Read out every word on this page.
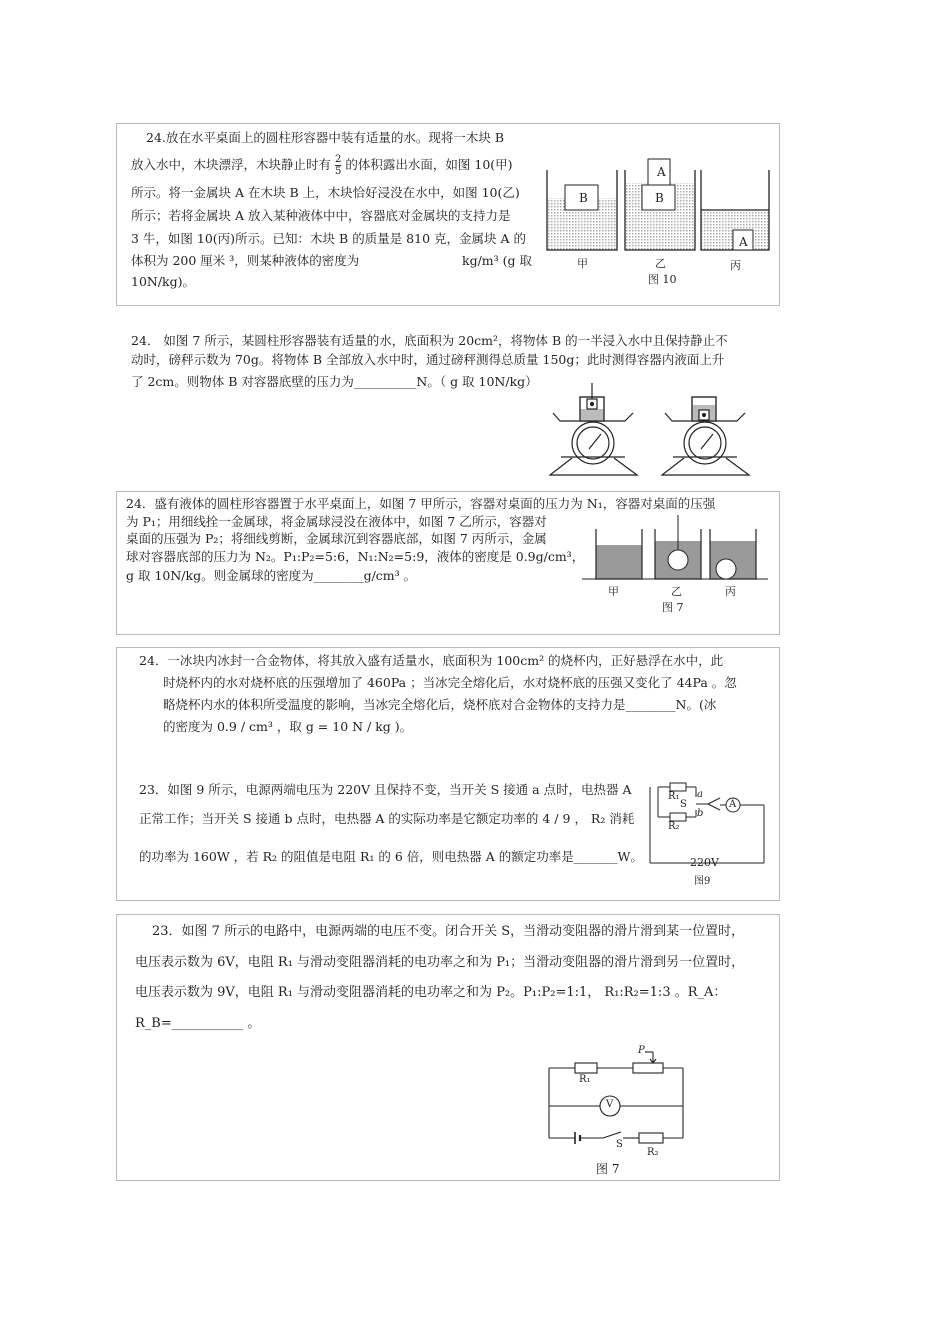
24.放在水平桌面上的圆柱形容器中装有适量的水。现将一木块 B
放入水中，木块漂浮，木块静止时有 $\frac{2}{5}$ 的体积露出水面，如图 10(甲)
所示。将一金属块 A 在木块 B 上，木块恰好浸没在水中，如图 10(乙)
所示；若将金属块 A 放入某种液体中中，容器底对金属块的支持力是
3 牛，如图 10(丙)所示。已知：木块 B 的质量是 810 克，金属块 A 的
体积为 200 厘米 ³，则某种液体的密度为	kg/m³ (g 取
10N/kg)。
B	B
A
A
甲	乙	丙
图 10
24． 如图 7 所示，某圆柱形容器装有适量的水，底面积为 20cm²，将物体 B 的一半浸入水中且保持静止不
动时，磅秤示数为 70g。将物体 B 全部放入水中时，通过磅秤测得总质量 150g；此时测得容器内液面上升
了 2cm。则物体 B 对容器底壁的压力为__________N。（ g 取 10N/kg）
24．盛有液体的圆柱形容器置于水平桌面上，如图 7 甲所示，容器对桌面的压力为 N₁，容器对桌面的压强
为 P₁；用细线拴一金属球，将金属球浸没在液体中，如图 7 乙所示，容器对
桌面的压强为 P₂；将细线剪断，金属球沉到容器底部，如图 7 丙所示，金属
球对容器底部的压力为 N₂。P₁:P₂=5:6，N₁:N₂=5:9，液体的密度是 0.9g/cm³，
g 取 10N/kg。则金属球的密度为________g/cm³ 。
甲	乙	丙
图 7
24．一冰块内冰封一合金物体，将其放入盛有适量水，底面积为 100cm² 的烧杯内，正好悬浮在水中，此
时烧杯内的水对烧杯底的压强增加了 460Pa ；当冰完全熔化后，水对烧杯底的压强又变化了 44Pa 。忽
略烧杯内水的体积所受温度的影响，当冰完全熔化后，烧杯底对合金物体的支持力是________N。(冰
的密度为 0.9 / cm³ ，取 g = 10 N / kg )。
23．如图 9 所示，电源两端电压为 220V 且保持不变，当开关 S 接通 a 点时，电热器 A
正常工作；当开关 S 接通 b 点时，电热器 A 的实际功率是它额定功率的 4 / 9 ， R₂ 消耗
的功率为 160W ，若 R₂ 的阻值是电阻 R₁ 的 6 倍，则电热器 A 的额定功率是_______W。
R₁
R₂
S
a
b
A
220V
图9
23．如图 7 所示的电路中，电源两端的电压不变。闭合开关 S，当滑动变阻器的滑片滑到某一位置时，
电压表示数为 6V，电阻 R₁ 与滑动变阻器消耗的电功率之和为 P₁；当滑动变阻器的滑片滑到另一位置时，
电压表示数为 9V，电阻 R₁ 与滑动变阻器消耗的电功率之和为 P₂。P₁:P₂=1:1， R₁:R₂=1:3 。R_A：
R_B=___________ 。
P
R₁
V
S
R₂
图 7
